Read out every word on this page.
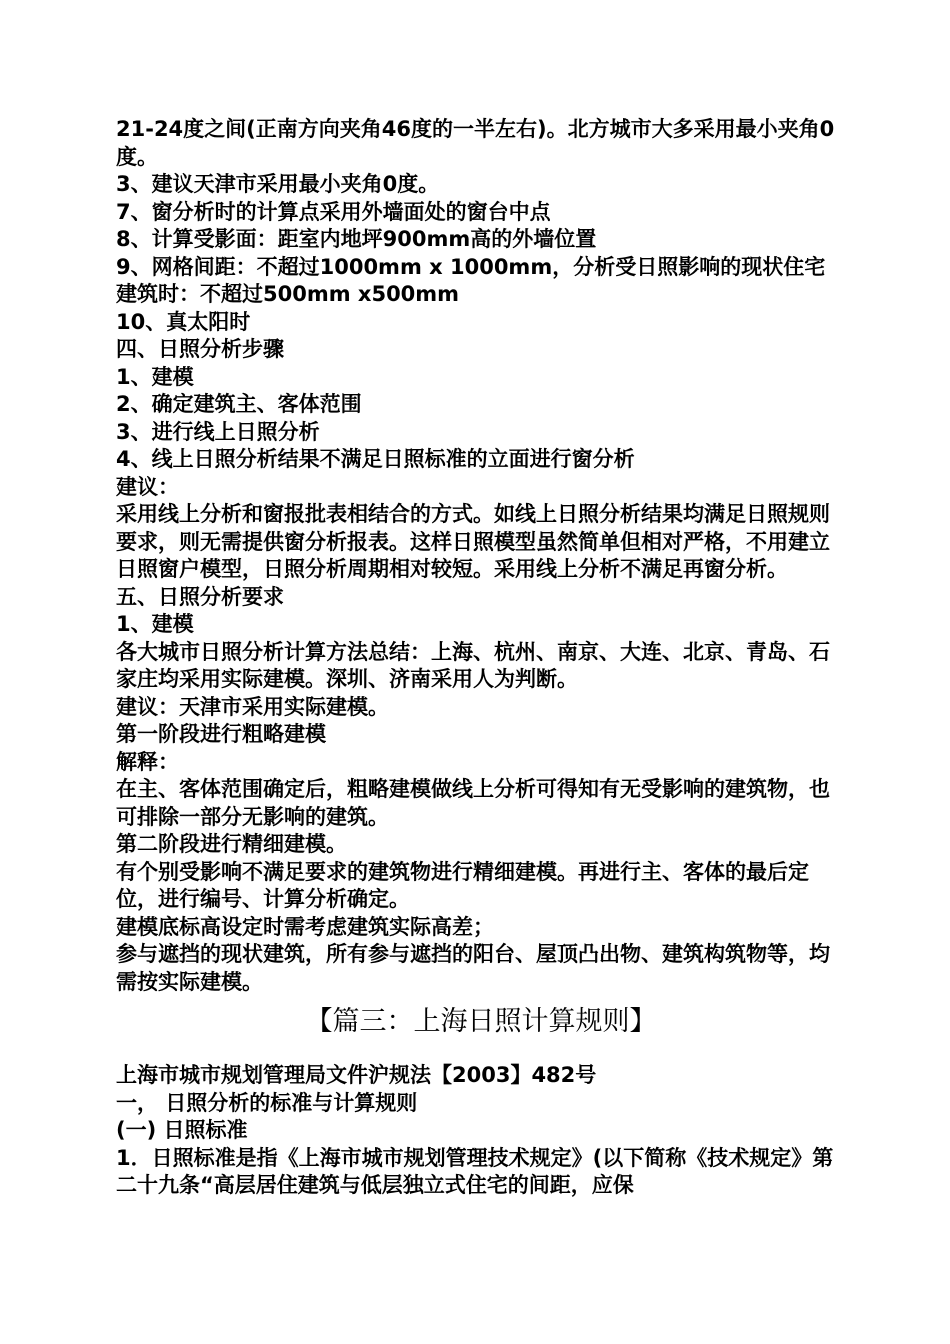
21-24度之间(正南方向夹角46度的一半左右)。北方城市大多采用最小夹角0度。

3、建议天津市采用最小夹角0度。

7、窗分析时的计算点采用外墙面处的窗台中点

8、计算受影面：距室内地坪900mm高的外墙位置

9、网格间距：不超过1000mm x 1000mm，分析受日照影响的现状住宅建筑时：不超过500mm x500mm

10、真太阳时

四、日照分析步骤

1、建模

2、确定建筑主、客体范围

3、进行线上日照分析

4、线上日照分析结果不满足日照标准的立面进行窗分析

建议：

采用线上分析和窗报批表相结合的方式。如线上日照分析结果均满足日照规则要求，则无需提供窗分析报表。这样日照模型虽然简单但相对严格，不用建立日照窗户模型，日照分析周期相对较短。采用线上分析不满足再窗分析。

五、日照分析要求

1、建模

各大城市日照分析计算方法总结：上海、杭州、南京、大连、北京、青岛、石家庄均采用实际建模。深圳、济南采用人为判断。

建议：天津市采用实际建模。

第一阶段进行粗略建模

解释：

在主、客体范围确定后，粗略建模做线上分析可得知有无受影响的建筑物，也可排除一部分无影响的建筑。

第二阶段进行精细建模。

有个别受影响不满足要求的建筑物进行精细建模。再进行主、客体的最后定位，进行编号、计算分析确定。

建模底标高设定时需考虑建筑实际高差；

参与遮挡的现状建筑，所有参与遮挡的阳台、屋顶凸出物、建筑构筑物等，均需按实际建模。

【篇三：上海日照计算规则】

上海市城市规划管理局文件沪规法【2003】482号

一， 日照分析的标准与计算规则

(一) 日照标准

1．日照标准是指《上海市城市规划管理技术规定》(以下简称《技术规定》第二十九条“高层居住建筑与低层独立式住宅的间距，应保
